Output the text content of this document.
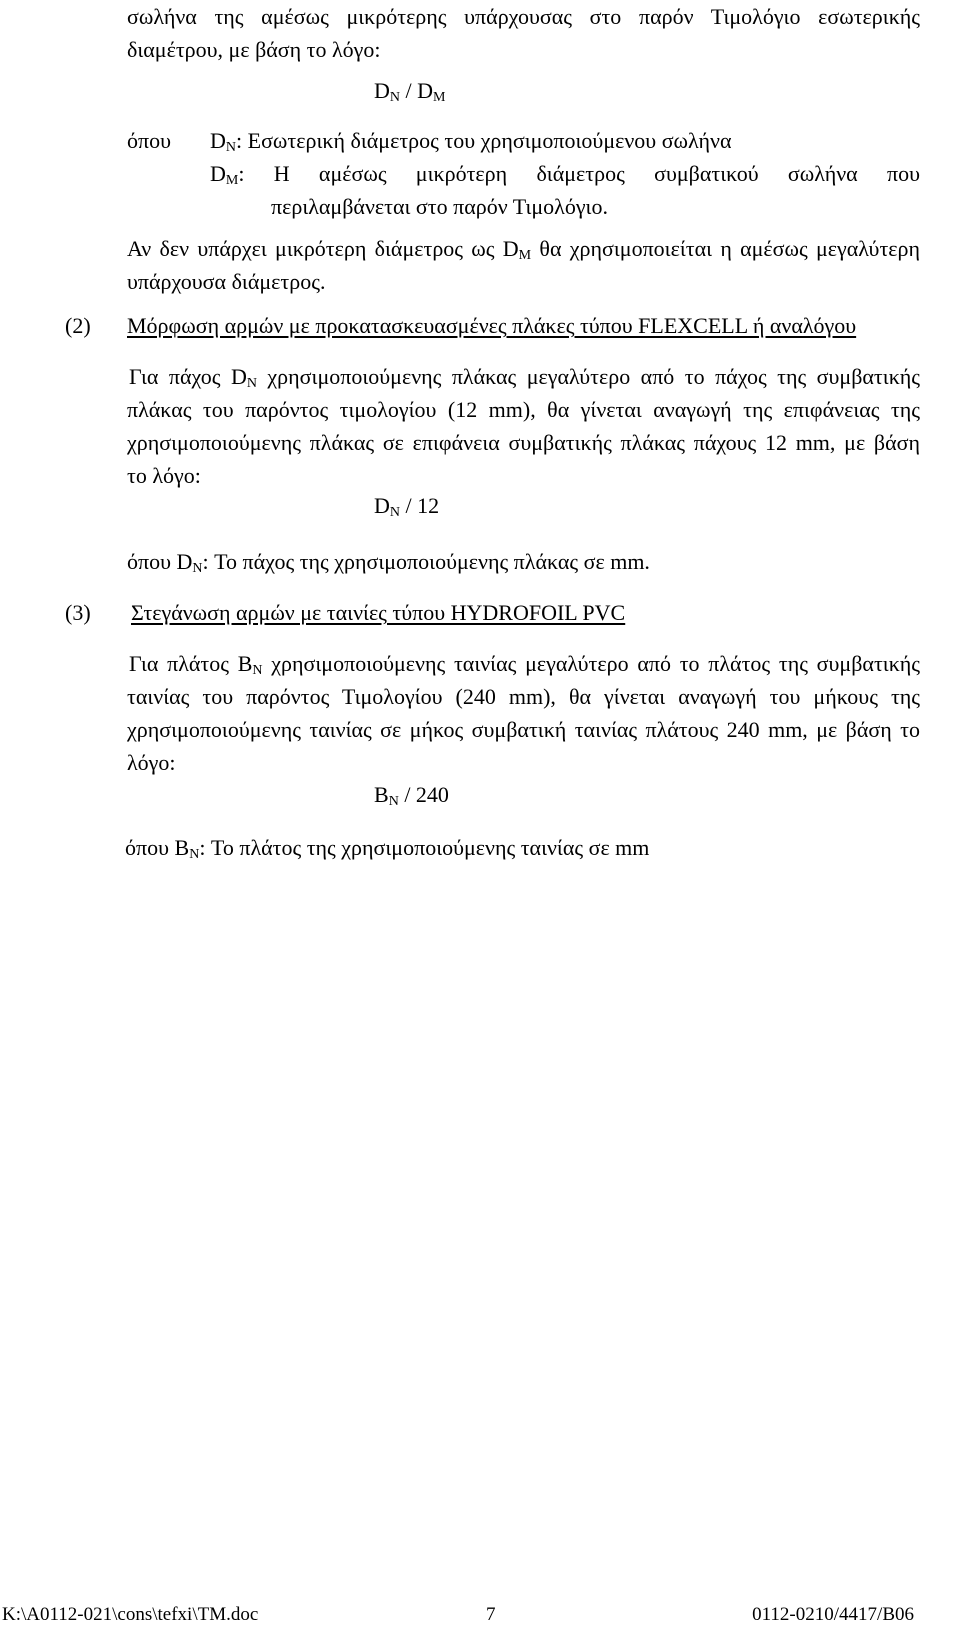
σωλήνα της αμέσως μικρότερης υπάρχουσας στο παρόν Τιμολόγιο εσωτερικής
διαμέτρου, με βάση το λόγο:
$D_N / D_M$
όπου $D_N$: Εσωτερική διάμετρος του χρησιμοποιούμενου σωλήνα
$D_M$: Η αμέσως μικρότερη διάμετρος συμβατικού σωλήνα που
περιλαμβάνεται στο παρόν Τιμολόγιο.
Αν δεν υπάρχει μικρότερη διάμετρος ως $D_M$ θα χρησιμοποιείται η αμέσως μεγαλύτερη
υπάρχουσα διάμετρος.
(2) Μόρφωση αρμών με προκατασκευασμένες πλάκες τύπου FLEXCELL ή αναλόγου
Για πάχος $D_N$ χρησιμοποιούμενης πλάκας μεγαλύτερο από το πάχος της συμβατικής
πλάκας του παρόντος τιμολογίου (12 mm), θα γίνεται αναγωγή της επιφάνειας της
χρησιμοποιούμενης πλάκας σε επιφάνεια συμβατικής πλάκας πάχους 12 mm, με βάση
το λόγο:
$D_N / 12$
όπου $D_N$: Το πάχος της χρησιμοποιούμενης πλάκας σε mm.
(3) Στεγάνωση αρμών με ταινίες τύπου HYDROFOIL PVC
Για πλάτος $B_N$ χρησιμοποιούμενης ταινίας μεγαλύτερο από το πλάτος της συμβατικής
ταινίας του παρόντος Τιμολογίου (240 mm), θα γίνεται αναγωγή του μήκους της
χρησιμοποιούμενης ταινίας σε μήκος συμβατική ταινίας πλάτους 240 mm, με βάση το
λόγο:
$B_N / 240$
όπου $B_N$: Το πλάτος της χρησιμοποιούμενης ταινίας σε mm
K:\A0112-021\cons\tefxi\TM.doc	7	0112-0210/4417/B06
